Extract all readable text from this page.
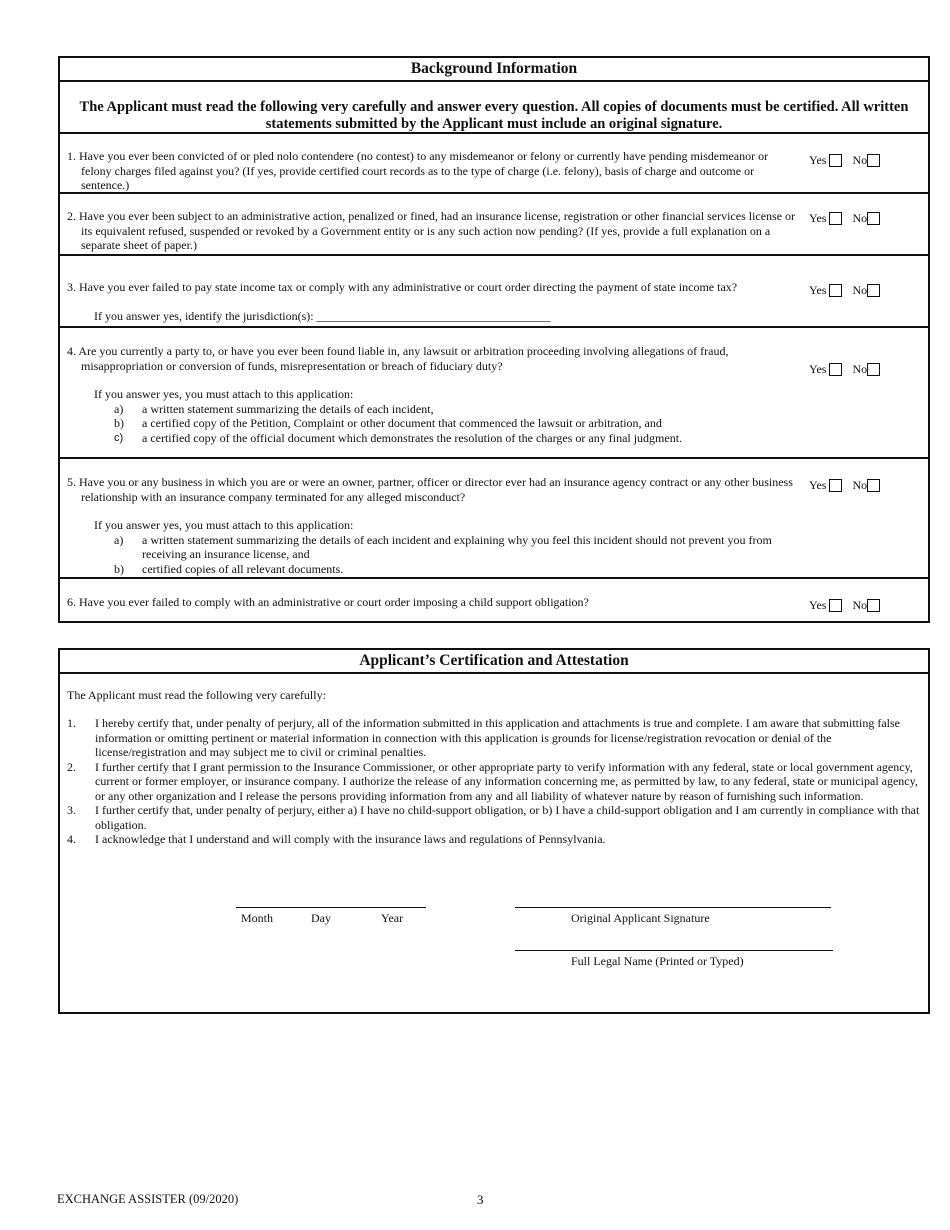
Background Information
The Applicant must read the following very carefully and answer every question. All copies of documents must be certified. All written statements submitted by the Applicant must include an original signature.
1. Have you ever been convicted of or pled nolo contendere (no contest) to any misdemeanor or felony or currently have pending misdemeanor or felony charges filed against you? (If yes, provide certified court records as to the type of charge (i.e. felony), basis of charge and outcome or sentence.)
Yes No
2. Have you ever been subject to an administrative action, penalized or fined, had an insurance license, registration or other financial services license or its equivalent refused, suspended or revoked by a Government entity or is any such action now pending? (If yes, provide a full explanation on a separate sheet of paper.)
Yes No
3. Have you ever failed to pay state income tax or comply with any administrative or court order directing the payment of state income tax?
If you answer yes, identify the jurisdiction(s): _______________________________________
Yes No
4. Are you currently a party to, or have you ever been found liable in, any lawsuit or arbitration proceeding involving allegations of fraud, misappropriation or conversion of funds, misrepresentation or breach of fiduciary duty?
If you answer yes, you must attach to this application:
a) a written statement summarizing the details of each incident,
b) a certified copy of the Petition, Complaint or other document that commenced the lawsuit or arbitration, and
c) a certified copy of the official document which demonstrates the resolution of the charges or any final judgment.
Yes No
5. Have you or any business in which you are or were an owner, partner, officer or director ever had an insurance agency contract or any other business relationship with an insurance company terminated for any alleged misconduct?
If you answer yes, you must attach to this application:
a) a written statement summarizing the details of each incident and explaining why you feel this incident should not prevent you from receiving an insurance license, and
b) certified copies of all relevant documents.
Yes No
6. Have you ever failed to comply with an administrative or court order imposing a child support obligation?	Yes No
Applicant’s Certification and Attestation
The Applicant must read the following very carefully:
1. I hereby certify that, under penalty of perjury, all of the information submitted in this application and attachments is true and complete. I am aware that submitting false information or omitting pertinent or material information in connection with this application is grounds for license/registration revocation or denial of the license/registration and may subject me to civil or criminal penalties.
2. I further certify that I grant permission to the Insurance Commissioner, or other appropriate party to verify information with any federal, state or local government agency, current or former employer, or insurance company. I authorize the release of any information concerning me, as permitted by law, to any federal, state or municipal agency, or any other organization and I release the persons providing information from any and all liability of whatever nature by reason of furnishing such information.
3. I further certify that, under penalty of perjury, either a) I have no child-support obligation, or b) I have a child-support obligation and I am currently in compliance with that obligation.
4. I acknowledge that I understand and will comply with the insurance laws and regulations of Pennsylvania.
Month	Day	Year	Original Applicant Signature
Full Legal Name (Printed or Typed)
EXCHANGE ASSISTER (09/2020)	3
